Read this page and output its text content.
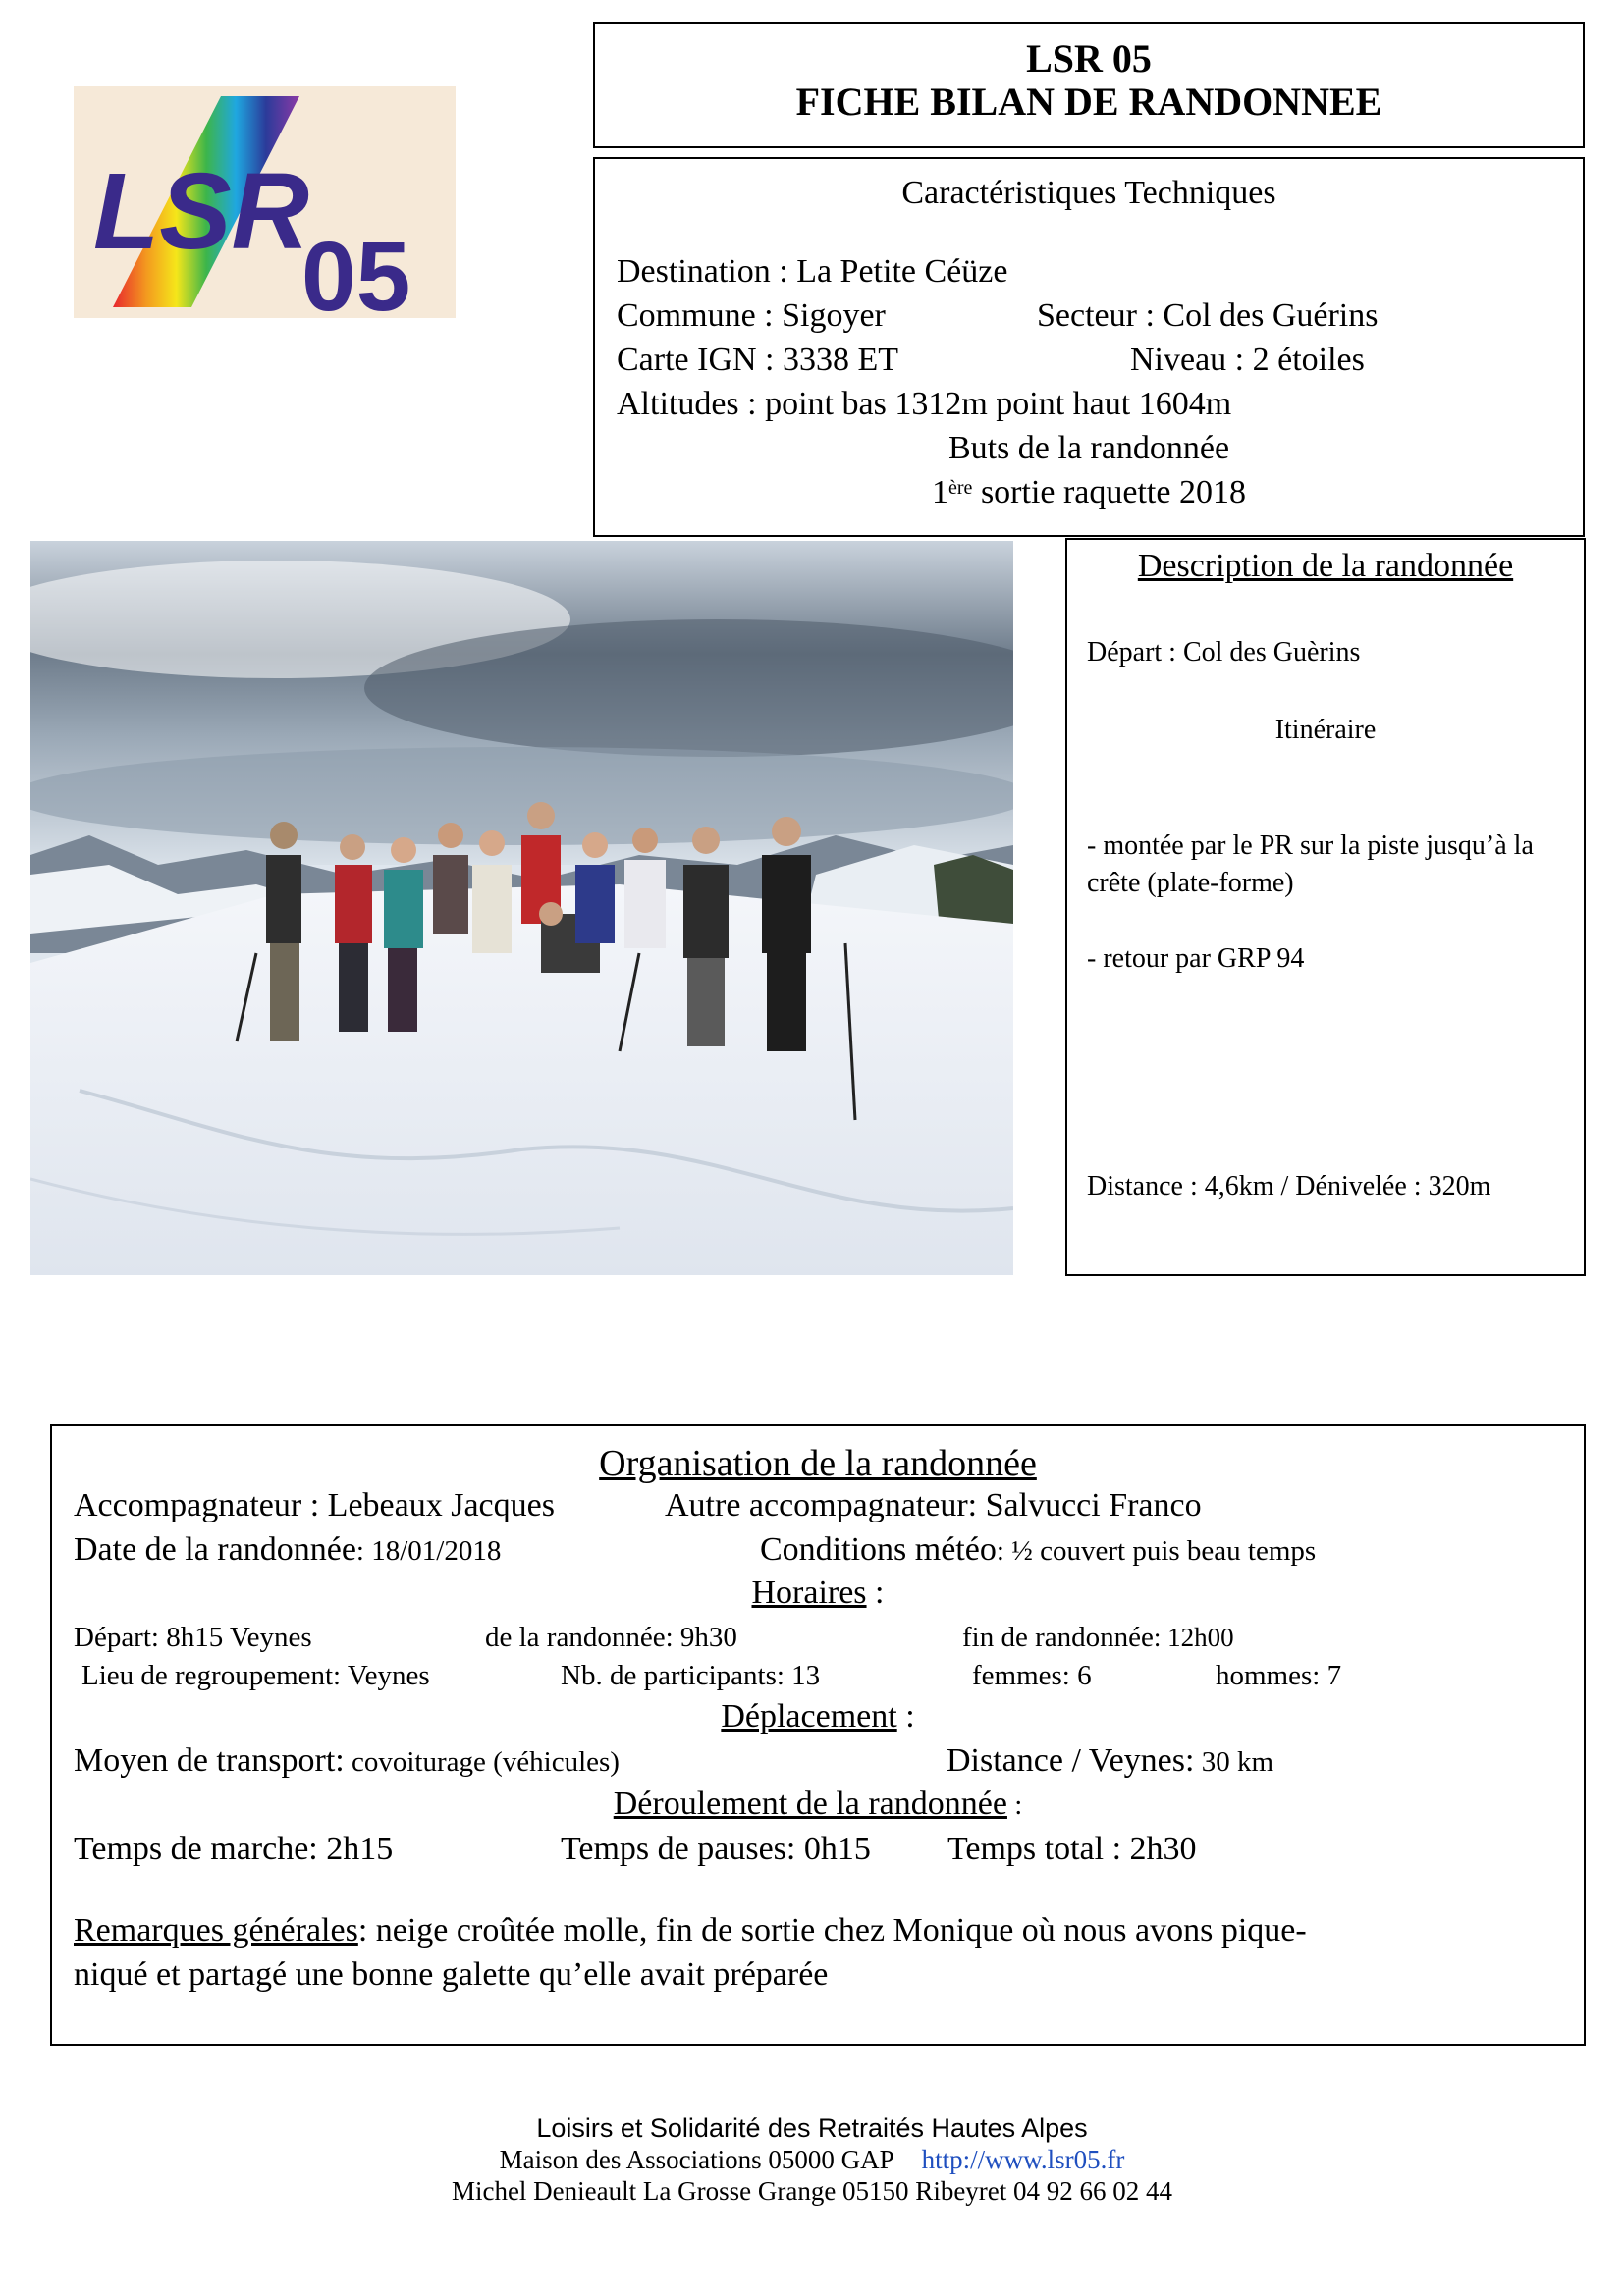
LSR
05
LSR 05
FICHE BILAN DE RANDONNEE
Caractéristiques Techniques
Destination : La Petite Céüze
Commune : Sigoyer	Secteur : Col des Guérins
Carte IGN : 3338 ET	Niveau : 2 étoiles
Altitudes : point bas 1312m point haut 1604m
Buts de la randonnée
1ère sortie raquette 2018
Description de la randonnée
Départ : Col des Guèrins
Itinéraire
- montée par le PR sur la piste jusqu’à la crête (plate-forme)
- retour par GRP 94
Distance : 4,6km / Dénivelée : 320m
Organisation de la randonnée
Accompagnateur : Lebeaux Jacques	Autre accompagnateur: Salvucci Franco
Date de la randonnée: 18/01/2018	Conditions météo: ½ couvert puis beau temps
Horaires :
Départ: 8h15 Veynes	de la randonnée: 9h30	fin de randonnée: 12h00
Lieu de regroupement: Veynes	Nb. de participants: 13	femmes: 6	hommes: 7
Déplacement :
Moyen de transport: covoiturage (véhicules)	Distance / Veynes: 30 km
Déroulement de la randonnée :
Temps de marche: 2h15	Temps de pauses: 0h15 Temps total : 2h30
Remarques générales: neige croûtée molle, fin de sortie chez Monique où nous avons pique-
niqué et partagé une bonne galette qu’elle avait préparée
Loisirs et Solidarité des Retraités Hautes Alpes
Maison des Associations 05000 GAP http://www.lsr05.fr
Michel Denieault La Grosse Grange 05150 Ribeyret 04 92 66 02 44
